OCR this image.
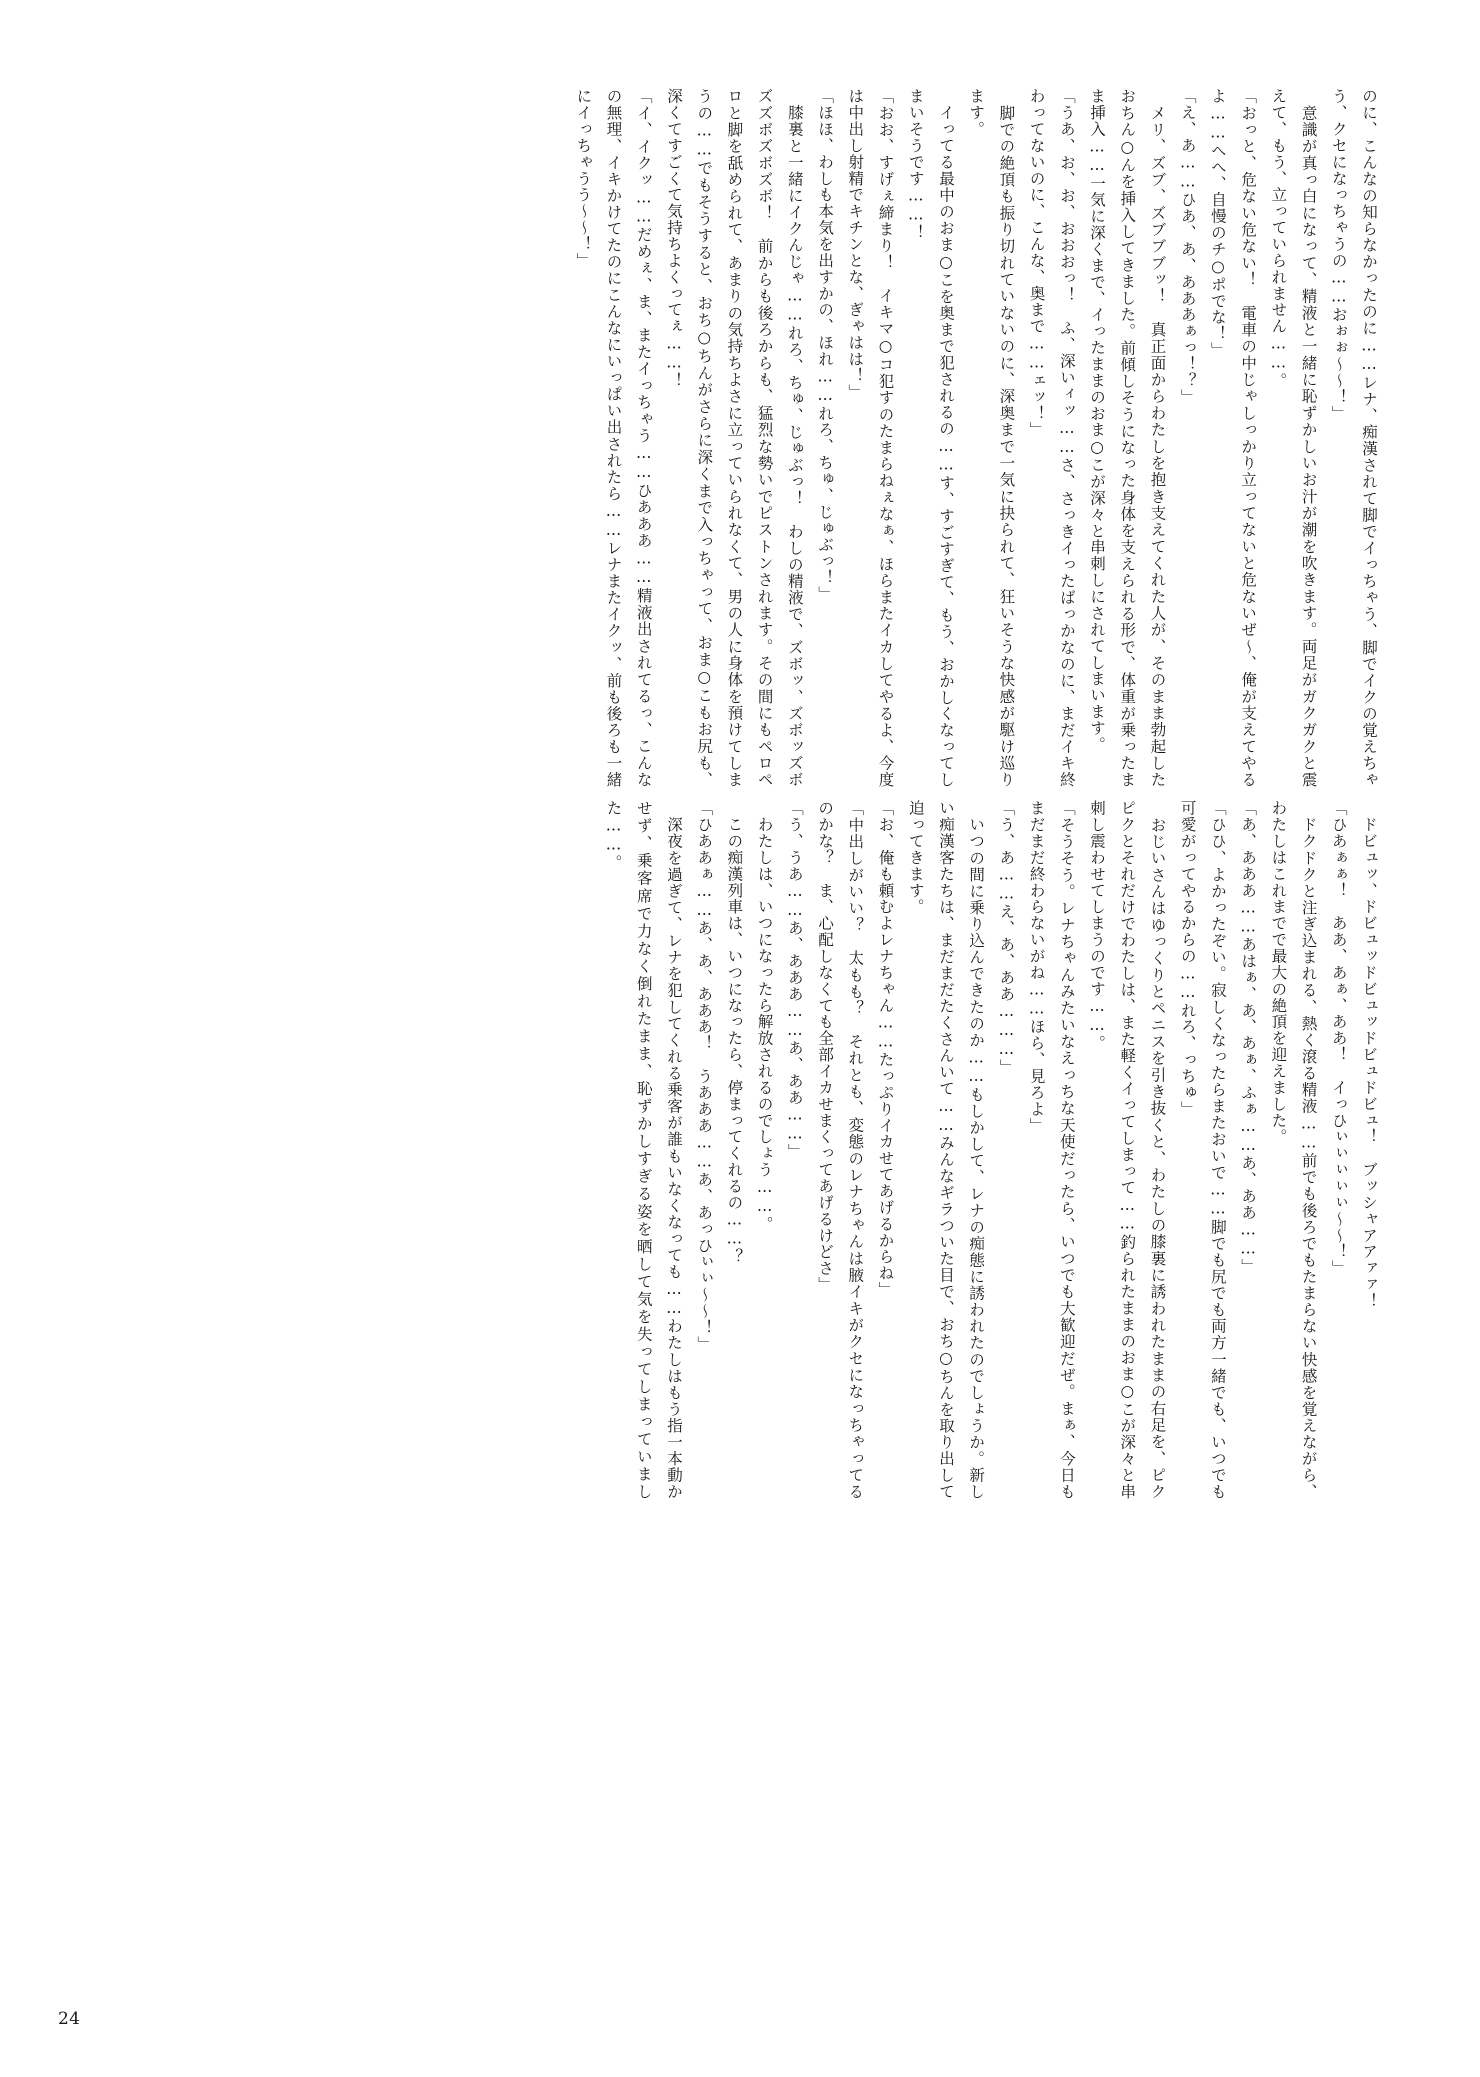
のに、こんなの知らなかったのに……レナ、痴漢されて脚でイっちゃう、脚でイクの覚えちゃう、クセになっちゃうの……おぉぉ～～！」

　意識が真っ白になって、精液と一緒に恥ずかしいお汁が潮を吹きます。両足がガクガクと震えて、もう、立っていられません……。

「おっと、危ない危ない！　電車の中じゃしっかり立ってないと危ないぜ～、俺が支えてやるよ……へへ、自慢のチ○ポでな！」

「え、あ……ひあ、あ、あああぁっ！？」

　メリ、ズブ、ズブブブッ！　真正面からわたしを抱き支えてくれた人が、そのまま勃起したおちん○んを挿入してきました。前傾しそうになった身体を支えられる形で、体重が乗ったまま挿入……一気に深くまで、イったままのおま○こが深々と串刺しにされてしまいます。

「うあ、お、お、おおおっ！　ふ、深いィッ……さ、さっきイったばっかなのに、まだイキ終わってないのに、こんな、奥まで……ェッ！」

　脚での絶頂も振り切れていないのに、深奥まで一気に抉られて、狂いそうな快感が駆け巡ります。

　イってる最中のおま○こを奥まで犯されるの……す、すごすぎて、もう、おかしくなってしまいそうです……！

「おお、すげぇ締まり！　イキマ○コ犯すのたまらねぇなぁ、ほらまたイカしてやるよ、今度は中出し射精でキチンとな、ぎゃはは！」

「ほほ、わしも本気を出すかの、ほれ……れろ、ちゅ、じゅぶっ！」

　膝裏と一緒にイクんじゃ……れろ、ちゅ、じゅぶっ！　わしの精液で、ズボッ、ズボッズボズズボズボズボ！　前からも後ろからも、猛烈な勢いでピストンされます。その間にもペロペロと脚を舐められて、あまりの気持ちよさに立っていられなくて、男の人に身体を預けてしまうの……でもそうすると、おち○ちんがさらに深くまで入っちゃって、おま○こもお尻も、深くてすごくて気持ちよくってぇ……！

「イ、イクッ……だめぇ、ま、またイっちゃう……ひあああ……精液出されてるっ、こんなの無理、イキかけてたのにこんなにいっぱい出されたら……レナまたイクッ、前も後ろも一緒にイっちゃうう～～！」

　ドビュッ、ドビュッドビュッドビュドビュ！　ブッシャアアァァ！

「ひあぁぁ！　ああ、あぁ、ああ！　イっひぃぃぃぃぃ～～！」

　ドクドクと注ぎ込まれる、熱く滾る精液……前でも後ろでもたまらない快感を覚えながら、わたしはこれまでで最大の絶頂を迎えました。

「あ、あああ……あはぁ、あ、あぁ、ふぁ……あ、ああ……」

「ひひ、よかったぞい。寂しくなったらまたおいで……脚でも尻でも両方一緒でも、いつでも可愛がってやるからの……れろ、っちゅ」

　おじいさんはゆっくりとペニスを引き抜くと、わたしの膝裏に誘われたままの右足を、ピクピクとそれだけでわたしは、また軽くイってしまって……釣られたままのおま○こが深々と串刺し震わせてしまうのです……。

「そうそう。レナちゃんみたいなえっちな天使だったら、いつでも大歓迎だぜ。まぁ、今日もまだまだ終わらないがね……ほら、見ろよ」

「う、あ……え、あ、ああ………」

　いつの間に乗り込んできたのか……もしかして、レナの痴態に誘われたのでしょうか。新しい痴漢客たちは、まだまだたくさんいて……みんなギラついた目で、おち○ちんを取り出して迫ってきます。

「お、俺も頼むよレナちゃん……たっぷりイカせてあげるからね」

「中出しがいい？　太もも？　それとも、変態のレナちゃんは腋イキがクセになっちゃってるのかな？　ま、心配しなくても全部イカせまくってあげるけどさ」

「う、うあ……あ、あああ……あ、ああ……」

　わたしは、いつになったら解放されるのでしょう……。

　この痴漢列車は、いつになったら、停まってくれるの……？

「ひああぁ……あ、あ、あああ！　うあああ……あ、あっひぃぃ～～！」

　深夜を過ぎて、レナを犯してくれる乗客が誰もいなくなっても……わたしはもう指一本動かせず、乗客席で力なく倒れたまま、恥ずかしすぎる姿を晒して気を失ってしまっていました……。

24
